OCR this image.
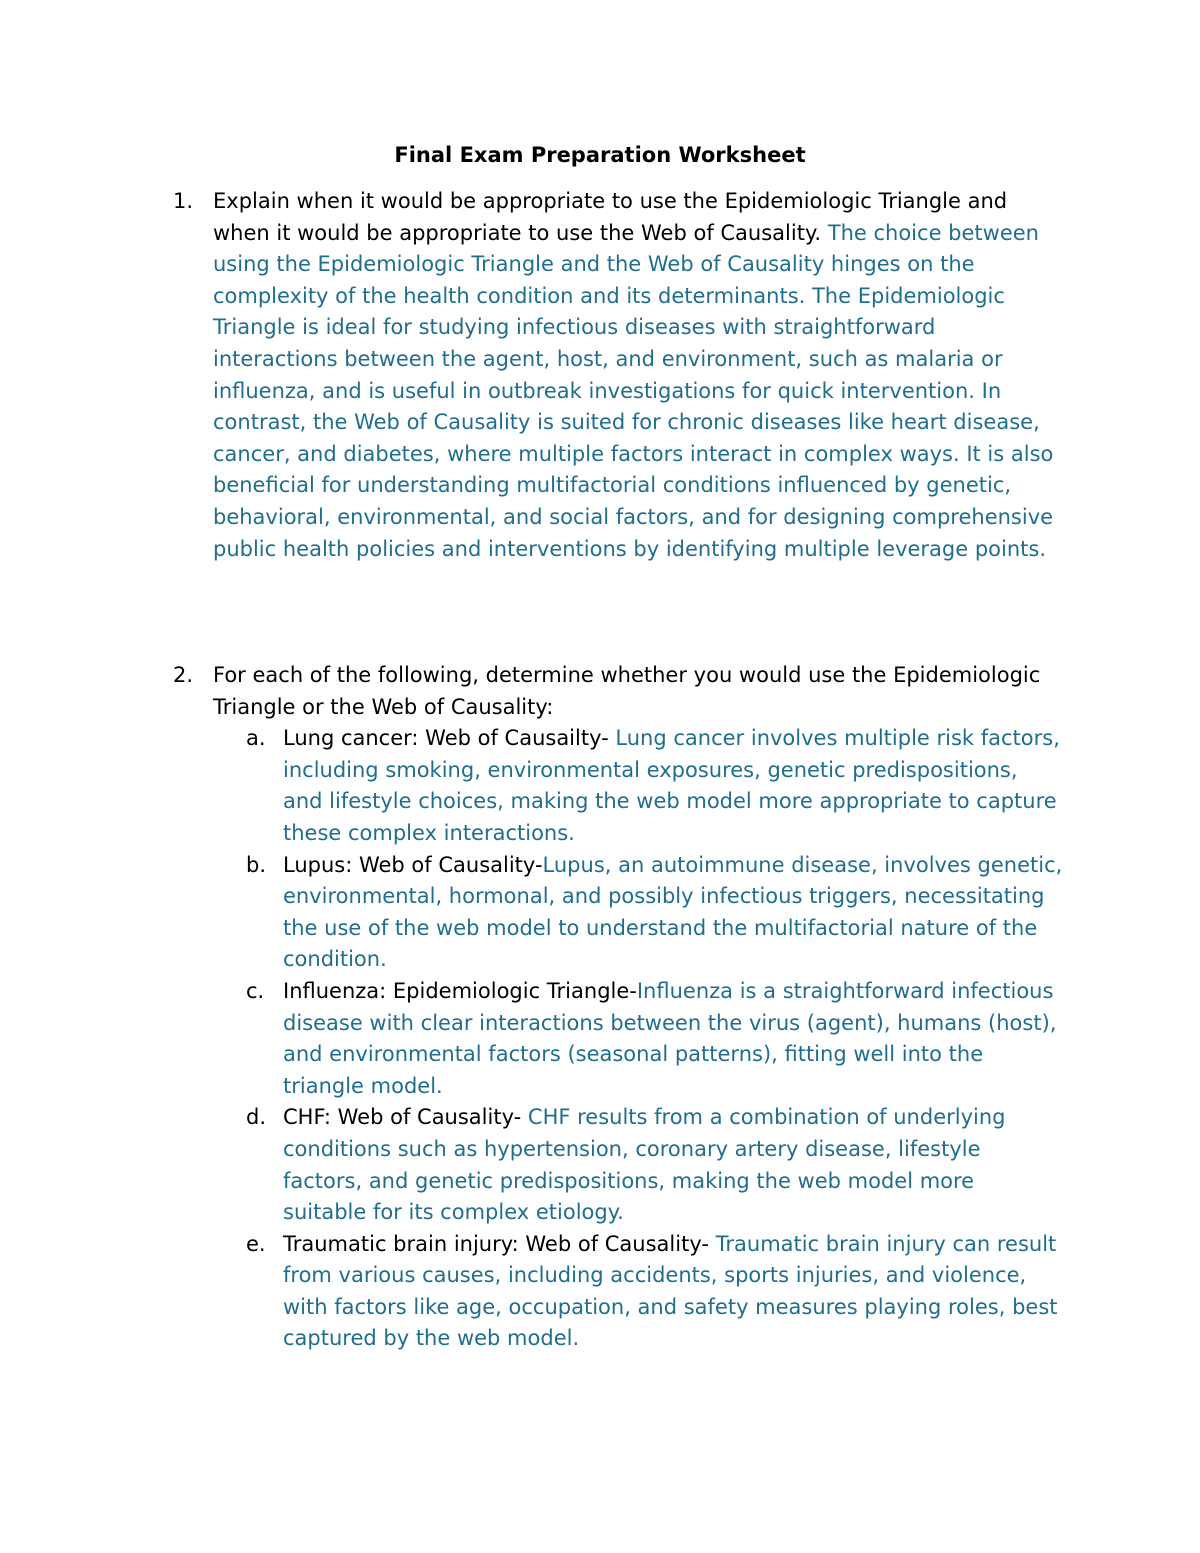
Final Exam Preparation Worksheet
1. Explain when it would be appropriate to use the Epidemiologic Triangle and when it would be appropriate to use the Web of Causality. The choice between using the Epidemiologic Triangle and the Web of Causality hinges on the complexity of the health condition and its determinants. The Epidemiologic Triangle is ideal for studying infectious diseases with straightforward interactions between the agent, host, and environment, such as malaria or influenza, and is useful in outbreak investigations for quick intervention. In contrast, the Web of Causality is suited for chronic diseases like heart disease, cancer, and diabetes, where multiple factors interact in complex ways. It is also beneficial for understanding multifactorial conditions influenced by genetic, behavioral, environmental, and social factors, and for designing comprehensive public health policies and interventions by identifying multiple leverage points.
2. For each of the following, determine whether you would use the Epidemiologic Triangle or the Web of Causality:
a. Lung cancer: Web of Causailty- Lung cancer involves multiple risk factors, including smoking, environmental exposures, genetic predispositions, and lifestyle choices, making the web model more appropriate to capture these complex interactions.
b. Lupus: Web of Causality-Lupus, an autoimmune disease, involves genetic, environmental, hormonal, and possibly infectious triggers, necessitating the use of the web model to understand the multifactorial nature of the condition.
c. Influenza: Epidemiologic Triangle-Influenza is a straightforward infectious disease with clear interactions between the virus (agent), humans (host), and environmental factors (seasonal patterns), fitting well into the triangle model.
d. CHF: Web of Causality- CHF results from a combination of underlying conditions such as hypertension, coronary artery disease, lifestyle factors, and genetic predispositions, making the web model more suitable for its complex etiology.
e. Traumatic brain injury: Web of Causality- Traumatic brain injury can result from various causes, including accidents, sports injuries, and violence, with factors like age, occupation, and safety measures playing roles, best captured by the web model.
